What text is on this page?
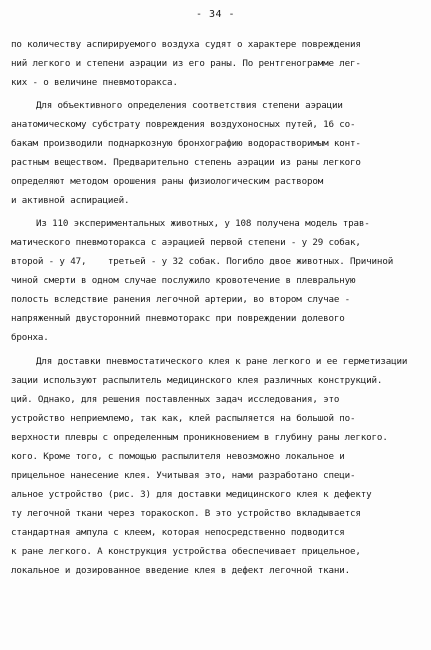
- 34 -
по количеству аспирируемого воздуха судят о характере повреждения
ний легкого и степени аэрации из его раны. По рентгенограмме лег-
ких - о величине пневмоторакса.
Для объективного определения соответствия степени аэрации
анатомическому субстрату повреждения воздухоносных путей, 16 со-
бакам производили поднаркозную бронхографию водорастворимым конт-
растным веществом. Предварительно степень аэрации из раны легкого
определяют методом орошения раны физиологическим раствором
и активной аспирацией.
Из 110 экспериментальных животных, у 108 получена модель трав-
матического пневмоторакса с аэрацией первой степени - у 29 собак,
второй - у 47,    третьей - у 32 собак. Погибло двое животных. Причиной
чиной смерти в одном случае послужило кровотечение в плевральную
полость вследствие ранения легочной артерии, во втором случае -
напряженный двусторонний пневмоторакс при повреждении долевого
бронха.
Для доставки пневмостатического клея к ране легкого и ее герметизации
зации используют распылитель медицинского клея различных конструкций.
ций. Однако, для решения поставленных задач исследования, это
устройство неприемлемо, так как, клей распыляется на большой по-
верхности плевры с определенным проникновением в глубину раны легкого.
кого. Кроме того, с помощью распылителя невозможно локальное и
прицельное нанесение клея. Учитывая это, нами разработано специ-
альное устройство (рис. 3) для доставки медицинского клея к дефекту
ту легочной ткани через торакоскоп. В это устройство вкладывается
стандартная ампула с клеем, которая непосредственно подводится
к ране легкого. А конструкция устройства обеспечивает прицельное,
локальное и дозированное введение клея в дефект легочной ткани.
